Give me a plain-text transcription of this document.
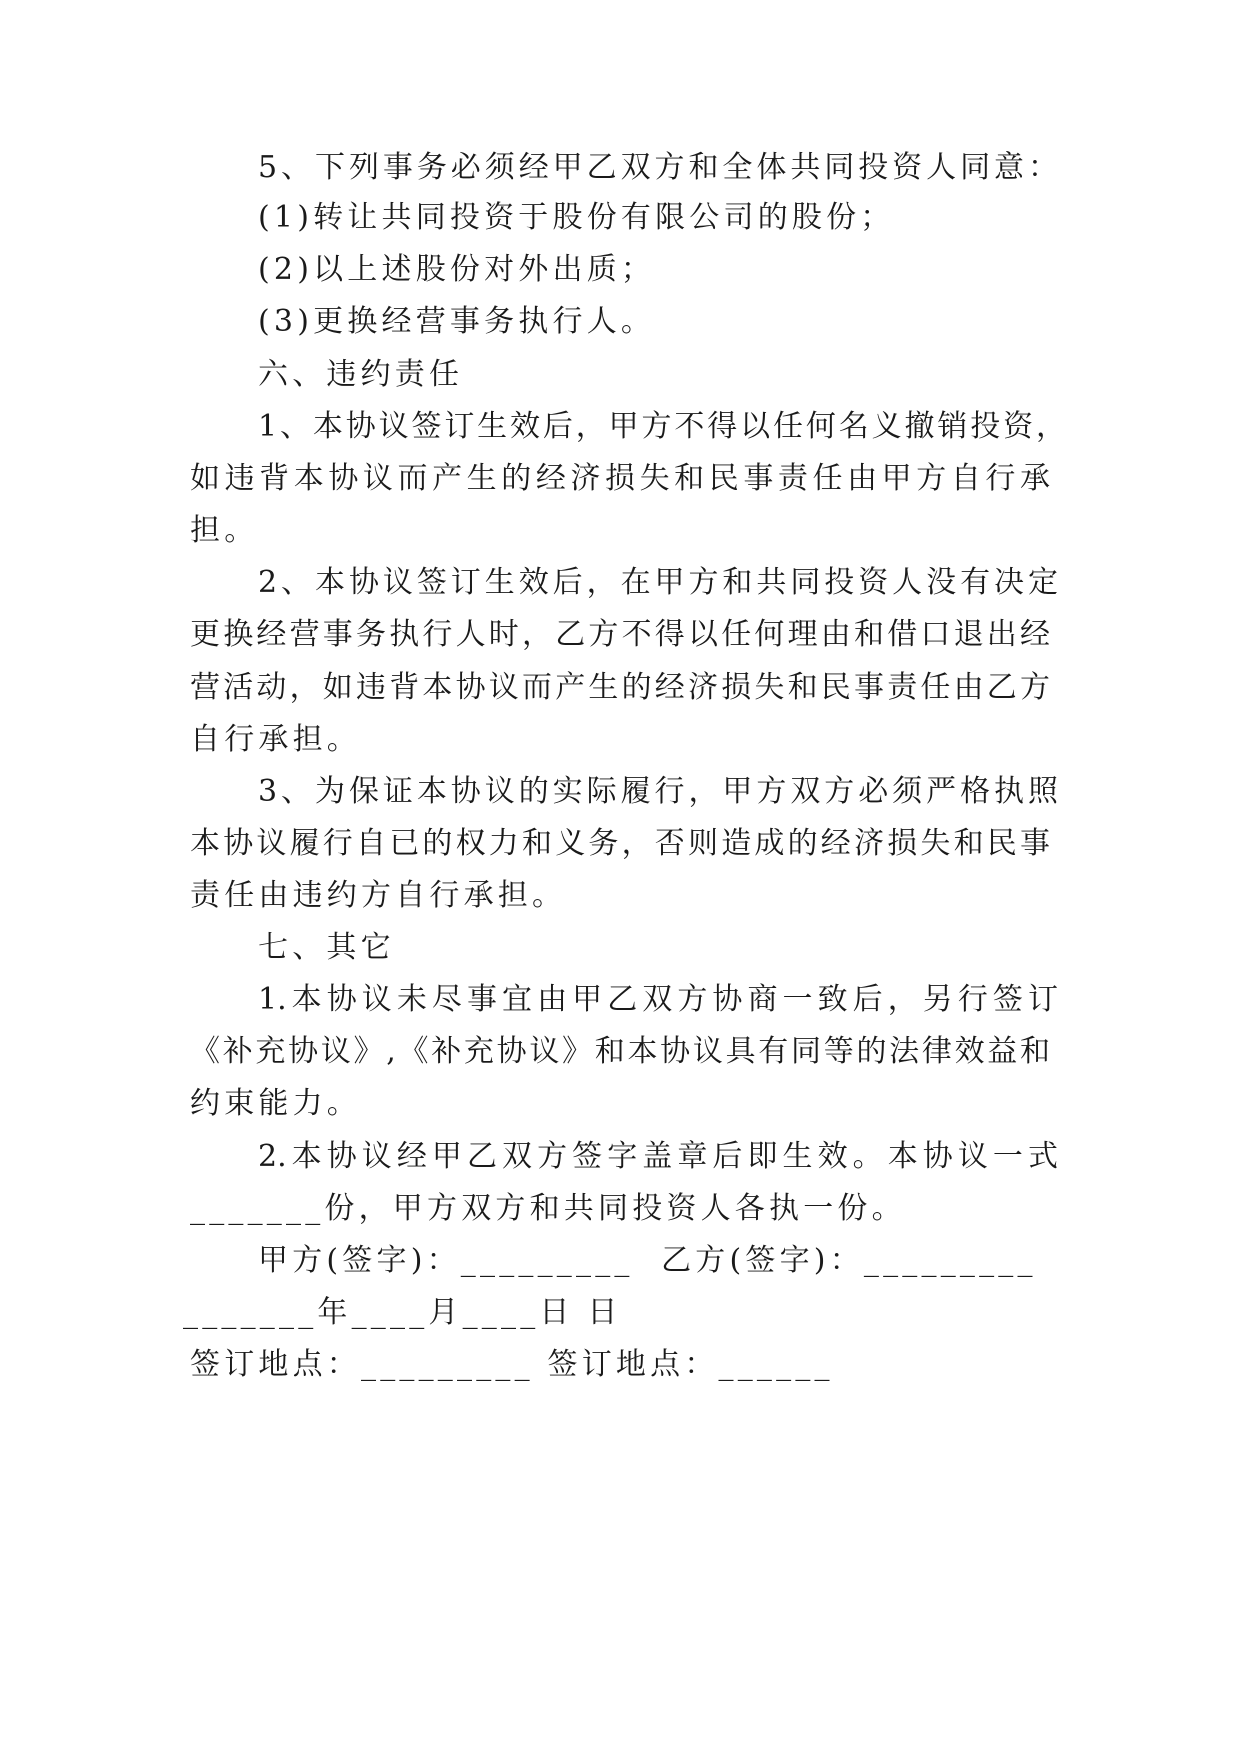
5、下列事务必须经甲乙双方和全体共同投资人同意：
(1)转让共同投资于股份有限公司的股份；
(2)以上述股份对外出质；
(3)更换经营事务执行人。
六、违约责任
1、本协议签订生效后，甲方不得以任何名义撤销投资，
如违背本协议而产生的经济损失和民事责任由甲方自行承
担。
2、本协议签订生效后，在甲方和共同投资人没有决定
更换经营事务执行人时，乙方不得以任何理由和借口退出经
营活动，如违背本协议而产生的经济损失和民事责任由乙方
自行承担。
3、为保证本协议的实际履行，甲方双方必须严格执照
本协议履行自已的权力和义务，否则造成的经济损失和民事
责任由违约方自行承担。
七、其它
1.本协议未尽事宜由甲乙双方协商一致后，另行签订
《补充协议》,《补充协议》和本协议具有同等的法律效益和
约束能力。
2.本协议经甲乙双方签字盖章后即生效。本协议一式
_______份，甲方双方和共同投资人各执一份。
甲方(签字)：_________  乙方(签字)：_________
_______年____月____日 日
签订地点：_________ 签订地点：______
